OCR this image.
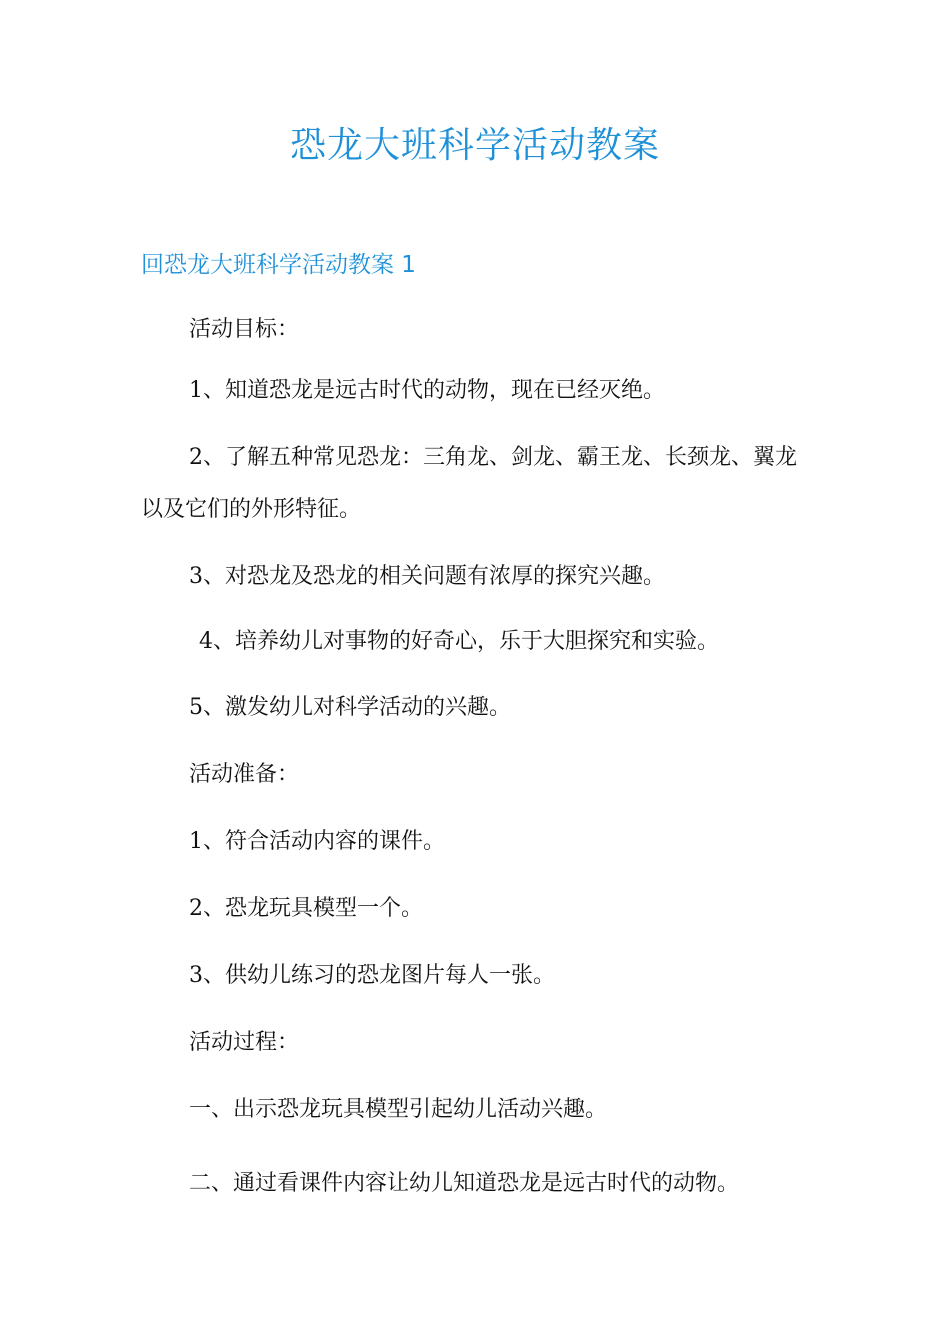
恐龙大班科学活动教案
回恐龙大班科学活动教案 1
活动目标：
1、知道恐龙是远古时代的动物，现在已经灭绝。
2、了解五种常见恐龙：三角龙、剑龙、霸王龙、长颈龙、翼龙以及它们的外形特征。
3、对恐龙及恐龙的相关问题有浓厚的探究兴趣。
4、培养幼儿对事物的好奇心，乐于大胆探究和实验。
5、激发幼儿对科学活动的兴趣。
活动准备：
1、符合活动内容的课件。
2、恐龙玩具模型一个。
3、供幼儿练习的恐龙图片每人一张。
活动过程：
一、出示恐龙玩具模型引起幼儿活动兴趣。
二、通过看课件内容让幼儿知道恐龙是远古时代的动物。
